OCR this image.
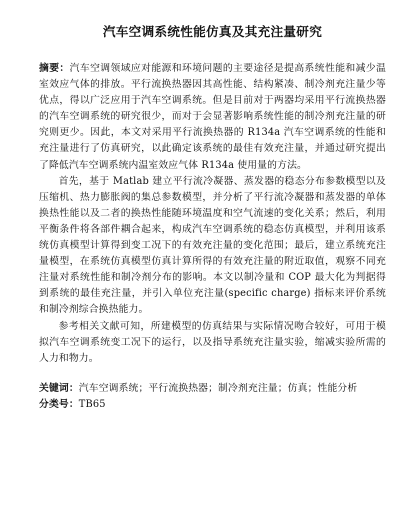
汽车空调系统性能仿真及其充注量研究

摘要：汽车空调领域应对能源和环境问题的主要途径是提高系统性能和减少温室效应气体的排放。平行流换热器因其高性能、结构紧凑、制冷剂充注量少等优点，得以广泛应用于汽车空调系统。但是目前对于两器均采用平行流换热器的汽车空调系统的研究很少，而对于会显著影响系统性能的制冷剂充注量的研究则更少。因此，本文对采用平行流换热器的 R134a 汽车空调系统的性能和充注量进行了仿真研究，以此确定该系统的最佳有效充注量，并通过研究提出了降低汽车空调系统内温室效应气体 R134a 使用量的方法。

首先，基于 Matlab 建立平行流冷凝器、蒸发器的稳态分布参数模型以及压缩机、热力膨胀阀的集总参数模型，并分析了平行流冷凝器和蒸发器的单体换热性能以及二者的换热性能随环境温度和空气流速的变化关系；然后，利用平衡条件将各部件耦合起来，构成汽车空调系统的稳态仿真模型，并利用该系统仿真模型计算得到变工况下的有效充注量的变化范围；最后，建立系统充注量模型，在系统仿真模型仿真计算所得的有效充注量的附近取值，观察不同充注量对系统性能和制冷剂分布的影响。本文以制冷量和 COP 最大化为判据得到系统的最佳充注量，并引入单位充注量(specific charge) 指标来评价系统和制冷剂综合换热能力。

参考相关文献可知，所建模型的仿真结果与实际情况吻合较好，可用于模拟汽车空调系统变工况下的运行，以及指导系统充注量实验，缩减实验所需的人力和物力。

关键词：汽车空调系统；平行流换热器；制冷剂充注量；仿真；性能分析

分类号：TB65
